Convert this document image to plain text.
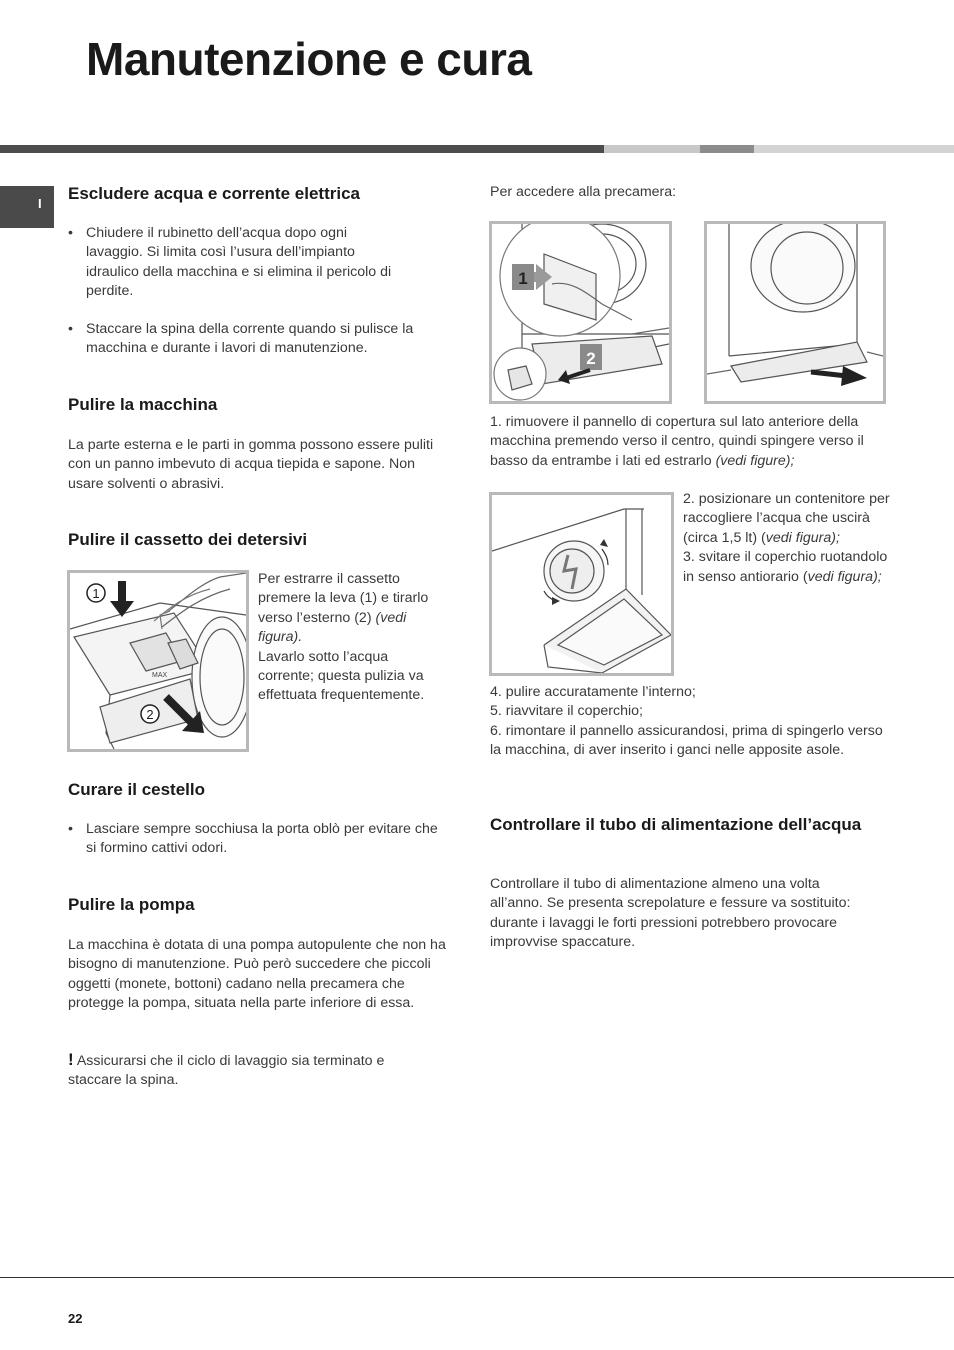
Manutenzione e cura
I
Escludere acqua e corrente elettrica

• Chiudere il rubinetto dell’acqua dopo ogni lavaggio. Si limita così l’usura dell’impianto idraulico della macchina e si elimina il pericolo di perdite.

• Staccare la spina della corrente quando si pulisce la macchina e durante i lavori di manutenzione.

Pulire la macchina

La parte esterna e le parti in gomma possono essere puliti con un panno imbevuto di acqua tiepida e sapone. Non usare solventi o abrasivi.

Pulire il cassetto dei detersivi
MAX
1
2

Per estrarre il cassetto premere la leva (1) e tirarlo verso l’esterno (2) (vedi figura).
Lavarlo sotto l’acqua corrente; questa pulizia va effettuata frequentemente.

Curare il cestello

• Lasciare sempre socchiusa la porta oblò per evitare che si formino cattivi odori.

Pulire la pompa

La macchina è dotata di una pompa autopulente che non ha bisogno di manutenzione. Può però succedere che piccoli oggetti (monete, bottoni) cadano nella precamera che protegge la pompa, situata nella parte inferiore di essa.

! Assicurarsi che il ciclo di lavaggio sia terminato e staccare la spina.

Per accedere alla precamera:

1
2

1. rimuovere il pannello di copertura sul lato anteriore della macchina premendo verso il centro, quindi spingere verso il basso da entrambe i lati ed estrarlo (vedi figure);

2. posizionare un contenitore per raccogliere l’acqua che uscirà (circa 1,5 lt) (vedi figura);
3. svitare il coperchio ruotandolo in senso antiorario (vedi figura);

4. pulire accuratamente l’interno;
5. riavvitare il coperchio;
6. rimontare il pannello assicurandosi, prima di spingerlo verso la macchina, di aver inserito i ganci nelle apposite asole.

Controllare il tubo di alimentazione dell’acqua

Controllare il tubo di alimentazione almeno una volta all’anno. Se presenta screpolature e fessure va sostituito: durante i lavaggi le forti pressioni potrebbero provocare improvvise spaccature.

22
